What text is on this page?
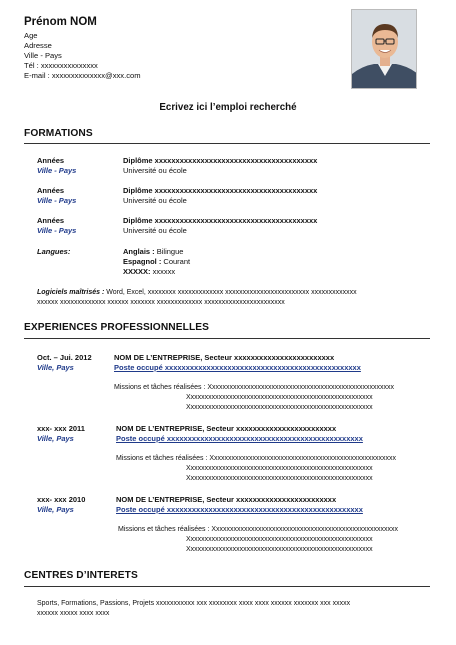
Prénom NOM
Age
Adresse
Ville - Pays
Tél : xxxxxxxxxxxxxxx
E-mail : xxxxxxxxxxxxxx@xxx.com
Ecrivez ici l’emploi recherché
FORMATIONS
Années
Ville - Pays
Diplôme xxxxxxxxxxxxxxxxxxxxxxxxxxxxxxxxxxxxxxx
Université ou école
Années
Ville - Pays
Diplôme xxxxxxxxxxxxxxxxxxxxxxxxxxxxxxxxxxxxxxx
Université ou école
Années
Ville - Pays
Diplôme xxxxxxxxxxxxxxxxxxxxxxxxxxxxxxxxxxxxxxx
Université ou école
Langues:	Anglais : Bilingue
Espagnol : Courant
XXXXX: xxxxxx
Logiciels maîtrisés : Word, Excel, xxxxxxxx xxxxxxxxxxxxx xxxxxxxxxxxxxxxxxxxxxxxx xxxxxxxxxxxxx
xxxxxx xxxxxxxxxxxxx xxxxxx xxxxxxx xxxxxxxxxxxxx xxxxxxxxxxxxxxxxxxxxxxx
EXPERIENCES PROFESSIONNELLES
Oct. – Jui. 2012
Ville, Pays
NOM DE L’ENTREPRISE, Secteur xxxxxxxxxxxxxxxxxxxxxxxx
Poste occupé xxxxxxxxxxxxxxxxxxxxxxxxxxxxxxxxxxxxxxxxxxxxxxx
Missions et tâches réalisées : Xxxxxxxxxxxxxxxxxxxxxxxxxxxxxxxxxxxxxxxxxxxxxxxxxxxxx
Xxxxxxxxxxxxxxxxxxxxxxxxxxxxxxxxxxxxxxxxxxxxxxxxxxxxx
Xxxxxxxxxxxxxxxxxxxxxxxxxxxxxxxxxxxxxxxxxxxxxxxxxxxxx
xxx- xxx 2011
Ville, Pays
NOM DE L’ENTREPRISE, Secteur xxxxxxxxxxxxxxxxxxxxxxxx
Poste occupé xxxxxxxxxxxxxxxxxxxxxxxxxxxxxxxxxxxxxxxxxxxxxxx
Missions et tâches réalisées : Xxxxxxxxxxxxxxxxxxxxxxxxxxxxxxxxxxxxxxxxxxxxxxxxxxxxx
Xxxxxxxxxxxxxxxxxxxxxxxxxxxxxxxxxxxxxxxxxxxxxxxxxxxxx
Xxxxxxxxxxxxxxxxxxxxxxxxxxxxxxxxxxxxxxxxxxxxxxxxxxxxx
xxx- xxx 2010
Ville, Pays
NOM DE L’ENTREPRISE, Secteur xxxxxxxxxxxxxxxxxxxxxxxx
Poste occupé xxxxxxxxxxxxxxxxxxxxxxxxxxxxxxxxxxxxxxxxxxxxxxx
Missions et tâches réalisées : Xxxxxxxxxxxxxxxxxxxxxxxxxxxxxxxxxxxxxxxxxxxxxxxxxxxxx
Xxxxxxxxxxxxxxxxxxxxxxxxxxxxxxxxxxxxxxxxxxxxxxxxxxxxx
Xxxxxxxxxxxxxxxxxxxxxxxxxxxxxxxxxxxxxxxxxxxxxxxxxxxxx
CENTRES D’INTERETS
Sports, Formations, Passions, Projets xxxxxxxxxxx xxx xxxxxxxx xxxx xxxx xxxxxx xxxxxxx xxx xxxxx
xxxxxx xxxxx xxxx xxxx
